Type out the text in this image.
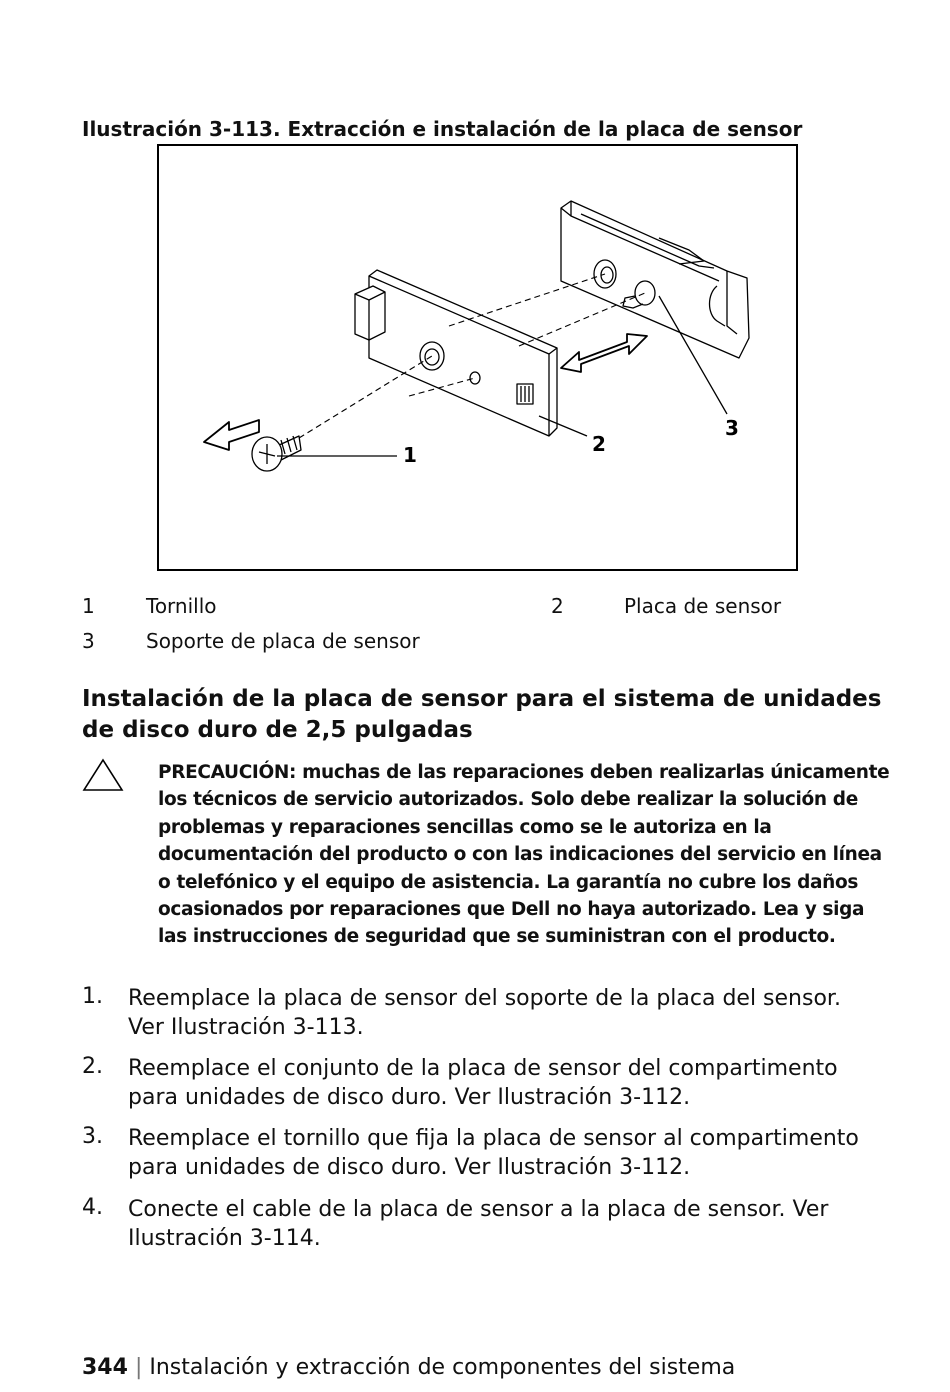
Ilustración 3-113. Extracción e instalación de la placa de sensor
1	2
3
1	Tornillo	2	Placa de sensor
3	Soporte de placa de sensor
Instalación de la placa de sensor para el sistema de unidades de disco duro de 2,5 pulgadas
PRECAUCIÓN: muchas de las reparaciones deben realizarlas únicamente
los técnicos de servicio autorizados. Solo debe realizar la solución de
problemas y reparaciones sencillas como se le autoriza en la
documentación del producto o con las indicaciones del servicio en línea
o telefónico y el equipo de asistencia. La garantía no cubre los daños
ocasionados por reparaciones que Dell no haya autorizado. Lea y siga
las instrucciones de seguridad que se suministran con el producto.
1. Reemplace la placa de sensor del soporte de la placa del sensor.
Ver Ilustración 3-113.
2. Reemplace el conjunto de la placa de sensor del compartimento
para unidades de disco duro. Ver Ilustración 3-112.
3. Reemplace el tornillo que fija la placa de sensor al compartimento
para unidades de disco duro. Ver Ilustración 3-112.
4. Conecte el cable de la placa de sensor a la placa de sensor. Ver
Ilustración 3-114.
344 | Instalación y extracción de componentes del sistema
